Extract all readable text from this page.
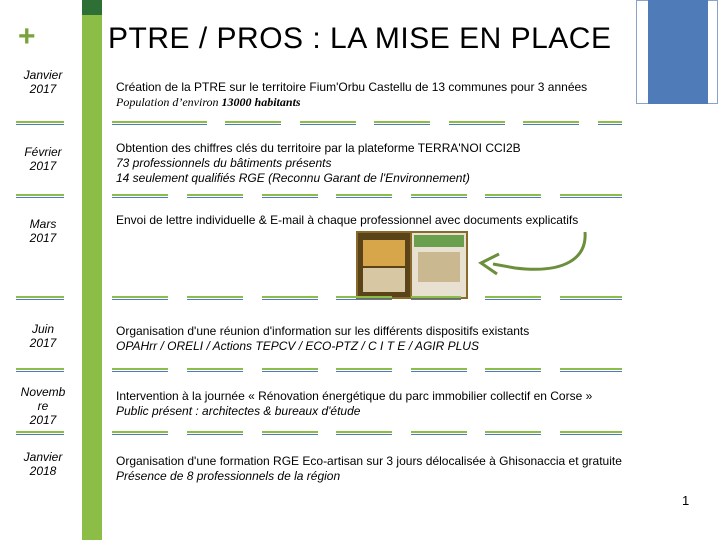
+ PTRE / PROS : LA MISE EN PLACE
Janvier
2017	Création de la PTRE sur le territoire Fium'Orbu Castellu de 13 communes pour 3 années
Population d’environ 13000 habitants
Février
2017
Obtention des chiffres clés du territoire par la plateforme TERRA'NOI CCI2B
73 professionnels du bâtiments présents
14 seulement qualifiés RGE (Reconnu Garant de l'Environnement)
Mars
2017
Envoi de lettre individuelle & E-mail à chaque professionnel avec documents explicatifs
Juin
2017
Organisation d'une réunion d'information sur les différents dispositifs existants
OPAHrr / ORELI / Actions TEPCV / ECO-PTZ / C I T E / AGIR PLUS
Novemb
re
2017
Intervention à la journée « Rénovation énergétique du parc immobilier collectif en Corse »
Public présent : architectes & bureaux d'étude
Janvier
2018
Organisation d'une formation RGE Eco-artisan sur 3 jours délocalisée à Ghisonaccia et gratuite
Présence de 8 professionnels de la région
1
